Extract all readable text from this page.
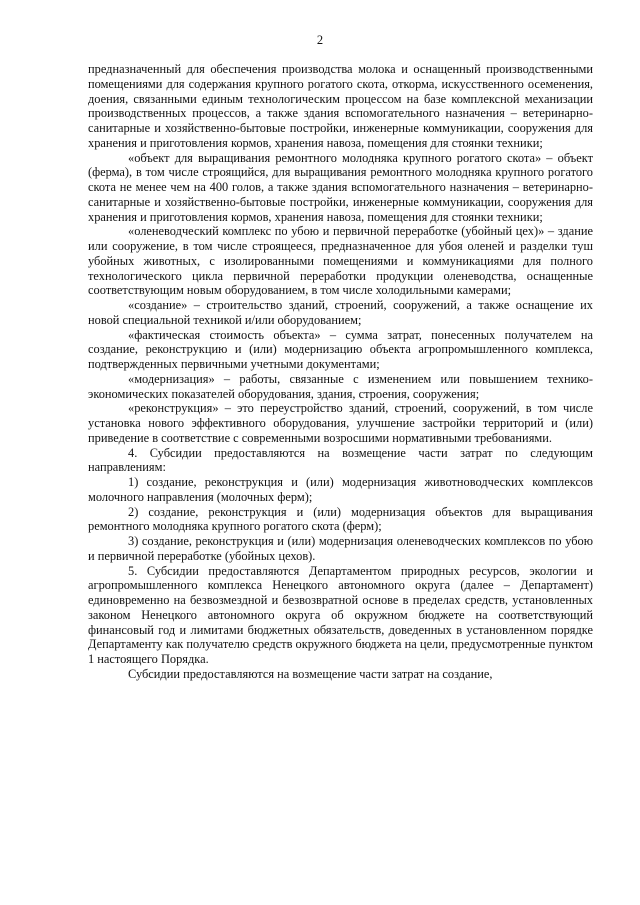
2

предназначенный для обеспечения производства молока и оснащенный производственными помещениями для содержания крупного рогатого скота, откорма, искусственного осеменения, доения, связанными единым технологическим процессом на базе комплексной механизации производственных процессов, а также здания вспомогательного назначения – ветеринарно-санитарные и хозяйственно-бытовые постройки, инженерные коммуникации, сооружения для хранения и приготовления кормов, хранения навоза, помещения для стоянки техники;

«объект для выращивания ремонтного молодняка крупного рогатого скота» – объект (ферма), в том числе строящийся, для выращивания ремонтного молодняка крупного рогатого скота не менее чем на 400 голов, а также здания вспомогательного назначения – ветеринарно-санитарные и хозяйственно-бытовые постройки, инженерные коммуникации, сооружения для хранения и приготовления кормов, хранения навоза, помещения для стоянки техники;

«оленеводческий комплекс по убою и первичной переработке (убойный цех)» – здание или сооружение, в том числе строящееся, предназначенное для убоя оленей и разделки туш убойных животных, с изолированными помещениями и коммуникациями для полного технологического цикла первичной переработки продукции оленеводства, оснащенные соответствующим новым оборудованием, в том числе холодильными камерами;

«создание» – строительство зданий, строений, сооружений, а также оснащение их новой специальной техникой и/или оборудованием;

«фактическая стоимость объекта» – сумма затрат, понесенных получателем на создание, реконструкцию и (или) модернизацию объекта агропромышленного комплекса, подтвержденных первичными учетными документами;

«модернизация» – работы, связанные с изменением или повышением технико-экономических показателей оборудования, здания, строения, сооружения;

«реконструкция» – это переустройство зданий, строений, сооружений, в том числе установка нового эффективного оборудования, улучшение застройки территорий и (или) приведение в соответствие с современными возросшими нормативными требованиями.

4. Субсидии предоставляются на возмещение части затрат по следующим направлениям:

1) создание, реконструкция и (или) модернизация животноводческих комплексов молочного направления (молочных ферм);

2) создание, реконструкция и (или) модернизация объектов для выращивания ремонтного молодняка крупного рогатого скота (ферм);

3) создание, реконструкция и (или) модернизация оленеводческих комплексов по убою и первичной переработке (убойных цехов).

5. Субсидии предоставляются Департаментом природных ресурсов, экологии и агропромышленного комплекса Ненецкого автономного округа (далее – Департамент) единовременно на безвозмездной и безвозвратной основе в пределах средств, установленных законом Ненецкого автономного округа об окружном бюджете на соответствующий финансовый год и лимитами бюджетных обязательств, доведенных в установленном порядке Департаменту как получателю средств окружного бюджета на цели, предусмотренные пунктом 1 настоящего Порядка.

Субсидии предоставляются на возмещение части затрат на создание,
